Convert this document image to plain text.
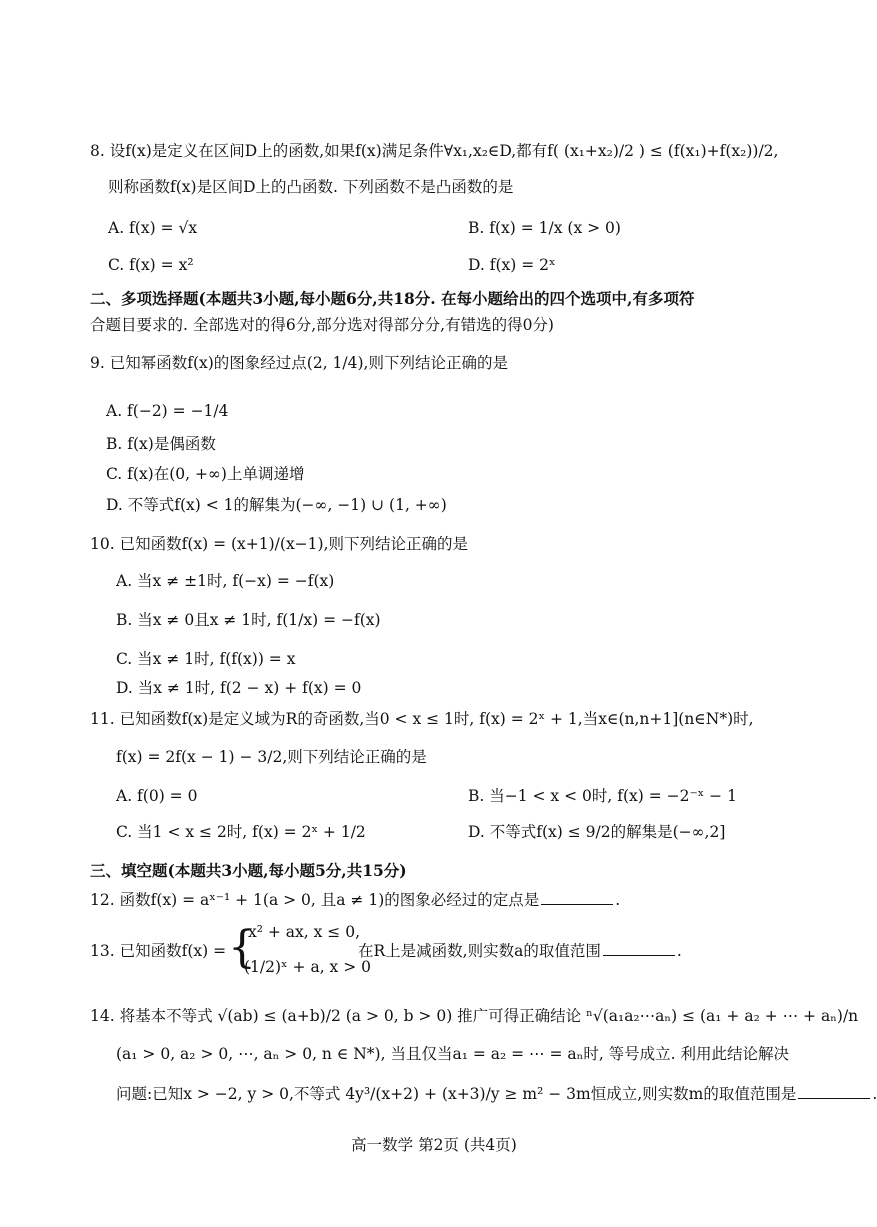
8. 设f(x)是定义在区间D上的函数,如果f(x)满足条件∀x₁,x₂∈D,都有f( (x₁+x₂)/2 ) ≤ (f(x₁)+f(x₂))/2,
则称函数f(x)是区间D上的凸函数. 下列函数不是凸函数的是
A. f(x) = √x	B. f(x) = 1/x (x > 0)
C. f(x) = x²	D. f(x) = 2ˣ
二、多项选择题(本题共3小题,每小题6分,共18分. 在每小题给出的四个选项中,有多项符
合题目要求的. 全部选对的得6分,部分选对得部分分,有错选的得0分)
9. 已知幂函数f(x)的图象经过点(2, 1/4),则下列结论正确的是
A. f(−2) = −1/4
B. f(x)是偶函数
C. f(x)在(0, +∞)上单调递增
D. 不等式f(x) < 1的解集为(−∞, −1) ∪ (1, +∞)
10. 已知函数f(x) = (x+1)/(x−1),则下列结论正确的是
A. 当x ≠ ±1时, f(−x) = −f(x)
B. 当x ≠ 0且x ≠ 1时, f(1/x) = −f(x)
C. 当x ≠ 1时, f(f(x)) = x
D. 当x ≠ 1时, f(2 − x) + f(x) = 0
11. 已知函数f(x)是定义域为R的奇函数,当0 < x ≤ 1时, f(x) = 2ˣ + 1,当x∈(n,n+1](n∈N*)时,
f(x) = 2f(x − 1) − 3/2,则下列结论正确的是
A. f(0) = 0	B. 当−1 < x < 0时, f(x) = −2⁻ˣ − 1
C. 当1 < x ≤ 2时, f(x) = 2ˣ + 1/2	D. 不等式f(x) ≤ 9/2的解集是(−∞,2]
三、填空题(本题共3小题,每小题5分,共15分)
12. 函数f(x) = aˣ⁻¹ + 1(a > 0, 且a ≠ 1)的图象必经过的定点是	.
13. 已知函数f(x) = {
x² + ax, x ≤ 0,
(1/2)ˣ + a, x > 0
在R上是减函数,则实数a的取值范围	.
14. 将基本不等式 √(ab) ≤ (a+b)/2 (a > 0, b > 0) 推广可得正确结论 ⁿ√(a₁a₂⋯aₙ) ≤ (a₁ + a₂ + ⋯ + aₙ)/n
(a₁ > 0, a₂ > 0, ⋯, aₙ > 0, n ∈ N*), 当且仅当a₁ = a₂ = ⋯ = aₙ时, 等号成立. 利用此结论解决
问题:已知x > −2, y > 0,不等式 4y³/(x+2) + (x+3)/y ≥ m² − 3m恒成立,则实数m的取值范围是	.
高一数学 第2页 (共4页)
